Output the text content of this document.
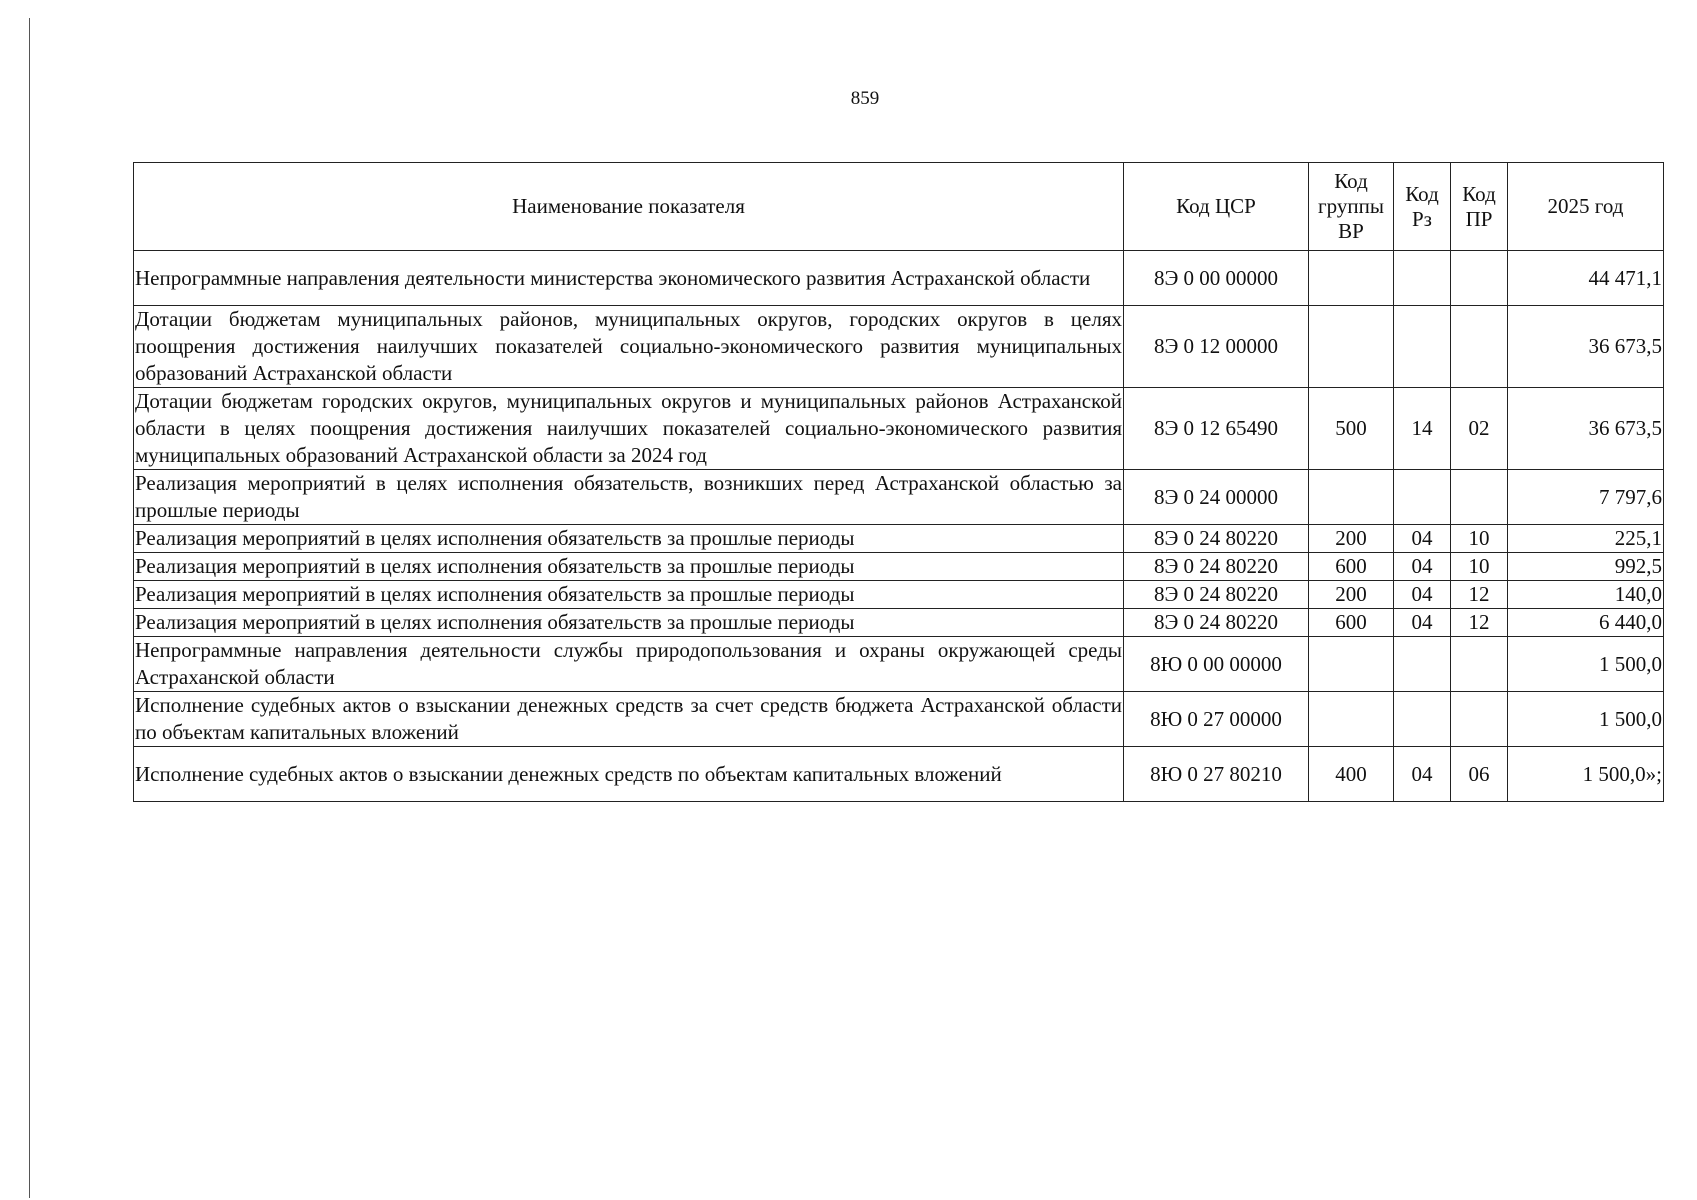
859
Наименование показателя	Код ЦСР	Код группы ВР	Код Рз	Код ПР	2025 год
Непрограммные направления деятельности министерства экономического развития Астраханской области	8Э 0 00 00000				44 471,1
Дотации бюджетам муниципальных районов, муниципальных округов, городских округов в целях поощрения достижения наилучших показателей социально-экономического развития муниципальных образований Астраханской области	8Э 0 12 00000				36 673,5
Дотации бюджетам городских округов, муниципальных округов и муниципальных районов Астраханской области в целях поощрения достижения наилучших показателей социально-экономического развития муниципальных образований Астраханской области за 2024 год	8Э 0 12 65490	500	14	02	36 673,5
Реализация мероприятий в целях исполнения обязательств, возникших перед Астраханской областью за прошлые периоды	8Э 0 24 00000				7 797,6
Реализация мероприятий в целях исполнения обязательств за прошлые периоды	8Э 0 24 80220	200	04	10	225,1
Реализация мероприятий в целях исполнения обязательств за прошлые периоды	8Э 0 24 80220	600	04	10	992,5
Реализация мероприятий в целях исполнения обязательств за прошлые периоды	8Э 0 24 80220	200	04	12	140,0
Реализация мероприятий в целях исполнения обязательств за прошлые периоды	8Э 0 24 80220	600	04	12	6 440,0
Непрограммные направления деятельности службы природопользования и охраны окружающей среды Астраханской области	8Ю 0 00 00000				1 500,0
Исполнение судебных актов о взыскании денежных средств за счет средств бюджета Астраханской области по объектам капитальных вложений	8Ю 0 27 00000				1 500,0
Исполнение судебных актов о взыскании денежных средств по объектам капитальных вложений	8Ю 0 27 80210	400	04	06	1 500,0»;
